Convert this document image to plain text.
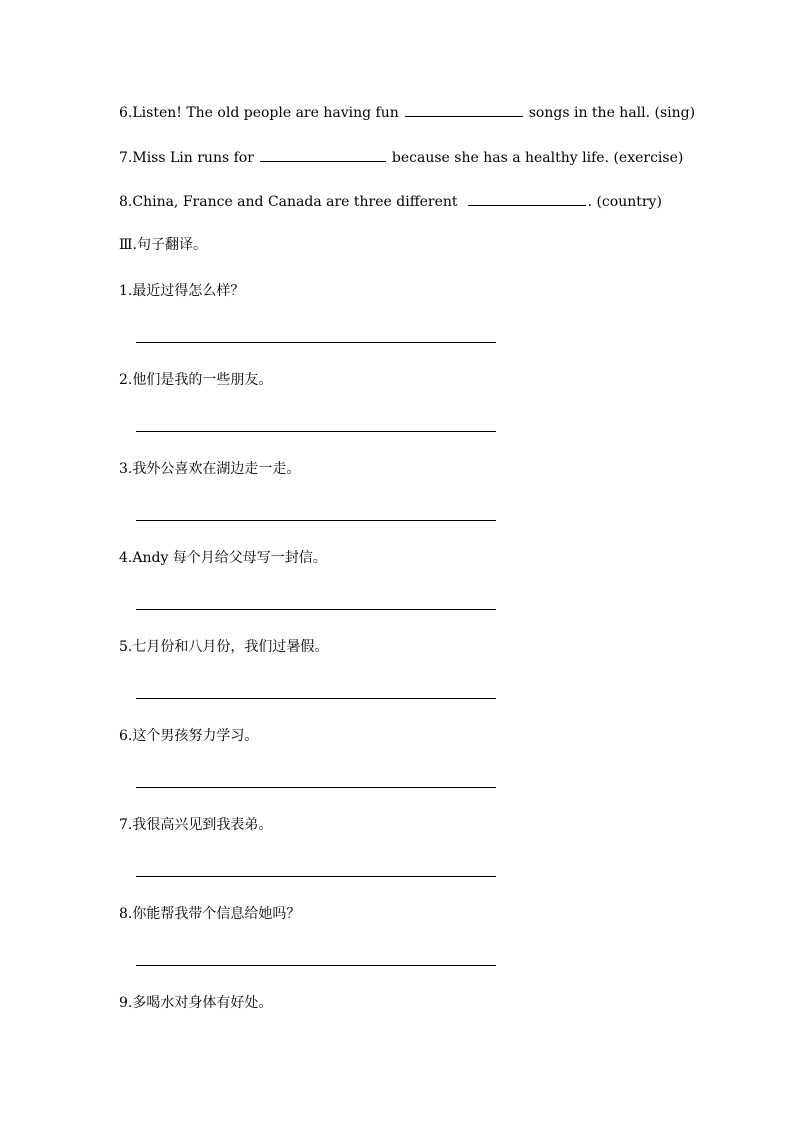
6.Listen! The old people are having fun	songs in the hall. (sing)
7.Miss Lin runs for	because she has a healthy life. (exercise)
8.China, France and Canada are three different	. (country)
Ⅲ.句子翻译。
1.最近过得怎么样？
2.他们是我的一些朋友。
3.我外公喜欢在湖边走一走。
4.Andy 每个月给父母写一封信。
5.七月份和八月份，我们过暑假。
6.这个男孩努力学习。
7.我很高兴见到我表弟。
8.你能帮我带个信息给她吗？
9.多喝水对身体有好处。
